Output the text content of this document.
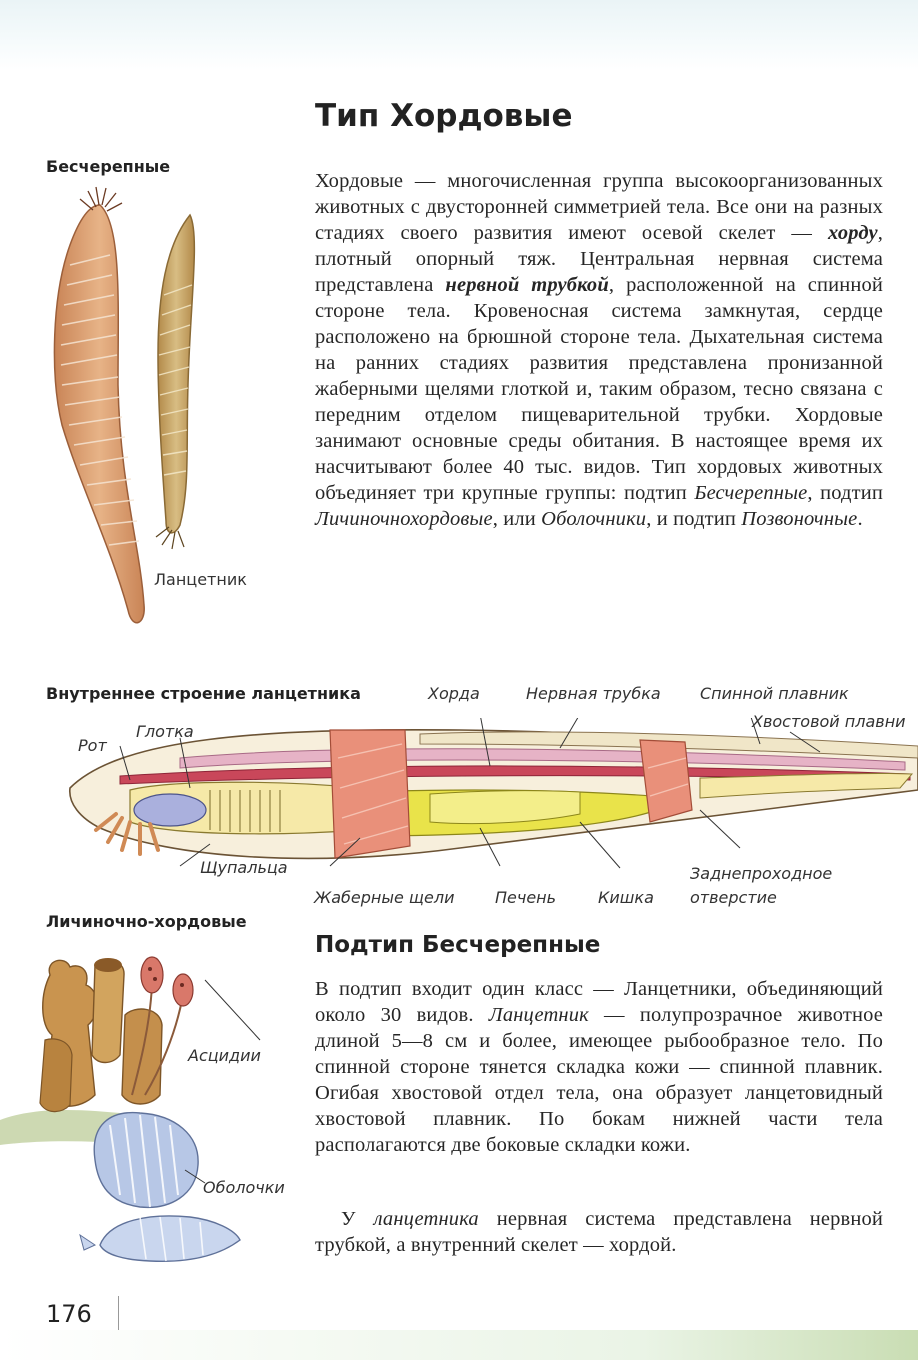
Тип Хордовые
Бесчерепные
Ланцетник

Хордовые — многочисленная группа высокоорганизованных животных с двусторонней симметрией тела. Все они на разных стадиях своего развития имеют осевой скелет — хорду, плотный опорный тяж. Центральная нервная система представлена нервной трубкой, расположенной на спинной стороне тела. Кровеносная система замкнутая, сердце расположено на брюшной стороне тела. Дыхательная система на ранних стадиях развития представлена пронизанной жаберными щелями глоткой и, таким образом, тесно связана с передним отделом пищеварительной трубки. Хордовые занимают основные среды обитания. В настоящее время их насчитывают более 40 тыс. видов. Тип хордовых животных объединяет три крупные группы: подтип Бесчерепные, подтип Личиночнохордовые, или Оболочники, и подтип Позвоночные.

Внутреннее строение ланцетника	Хорда	Нервная трубка Спинной плавник
Хвостовой плавни
Рот
Глотка
Щупальца
Жаберные щели	Печень	Кишка
Заднепроходное
отверстие
Личиночно-хордовые
Асцидии
Оболочки
Подтип Бесчерепные

В подтип входит один класс — Ланцетники, объединяющий около 30 видов. Ланцетник — полупрозрачное животное длиной 5—8 см и более, имеющее рыбообразное тело. По спинной стороне тянется складка кожи — спинной плавник. Огибая хвостовой отдел тела, она образует ланцетовидный хвостовой плавник. По бокам нижней части тела располагаются две боковые складки кожи.

У ланцетника нервная система представлена нервной трубкой, а внутренний скелет — хордой.

176
